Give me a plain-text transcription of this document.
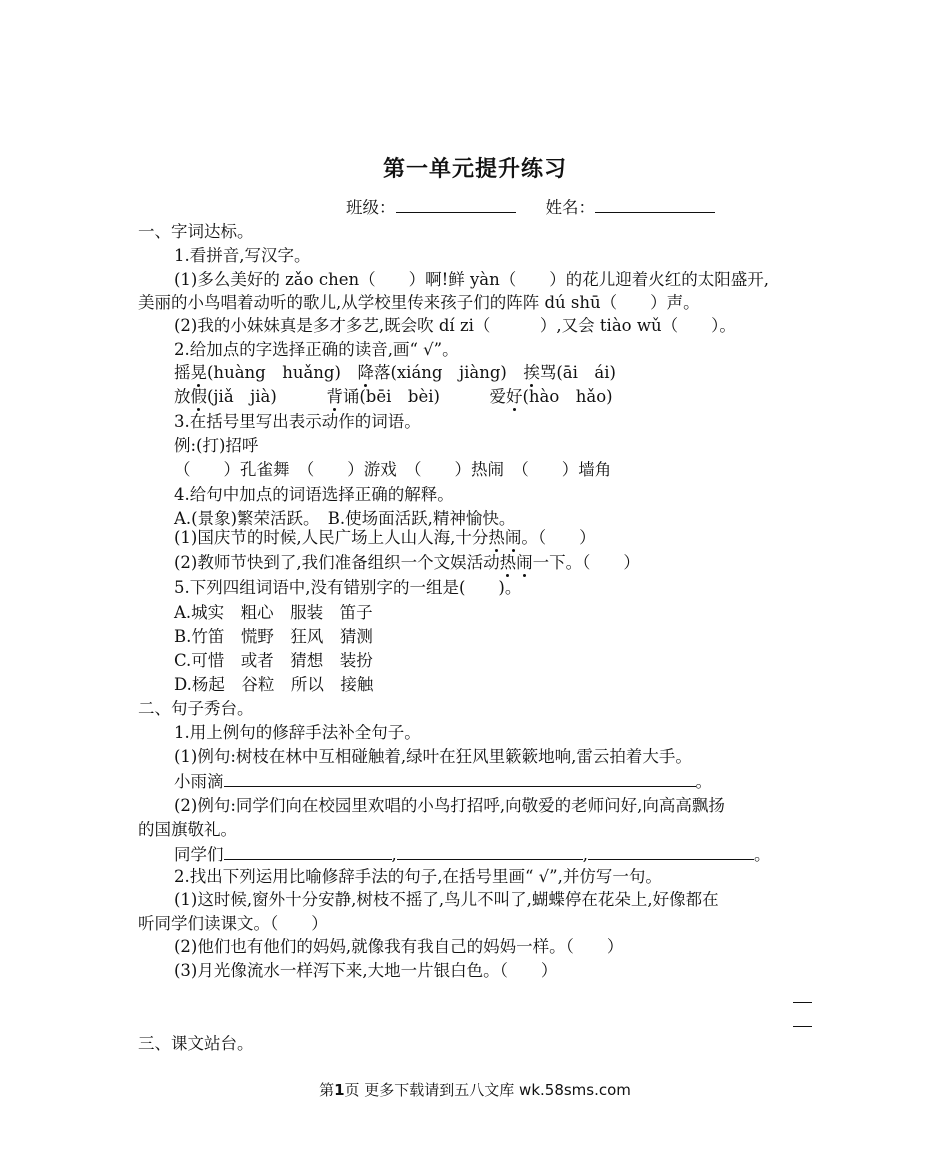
第一单元提升练习
班级：	姓名：
一、字词达标。
1.看拼音,写汉字。
(1)多么美好的 zǎo chen（　　）啊!鲜 yàn（　　）的花儿迎着火红的太阳盛开,
美丽的小鸟唱着动听的歌儿,从学校里传来孩子们的阵阵 dú shū（　　）声。
(2)我的小妹妹真是多才多艺,既会吹 dí zi（　　　）,又会 tiào wǔ（　　）。
2.给加点的字选择正确的读音,画“ √”。
摇晃(huàng　huǎng)　降落(xiáng　jiàng)　挨骂(āi　ái)
放假(jiǎ　jià)　　　背诵(bēi　bèi)　　　爱好(hào　hǎo)
3.在括号里写出表示动作的词语。
例:(打)招呼
（　　）孔雀舞　（　　）游戏　（　　）热闹　（　　）墙角
4.给句中加点的词语选择正确的解释。
A.(景象)繁荣活跃。　B.使场面活跃,精神愉快。
(1)国庆节的时候,人民广场上人山人海,十分热闹。（　　）
(2)教师节快到了,我们准备组织一个文娱活动热闹一下。（　　）
5.下列四组词语中,没有错别字的一组是(　　)。
A.城实　粗心　服装　笛子
B.竹笛　慌野　狂风　猜测
C.可惜　或者　猜想　装扮
D.杨起　谷粒　所以　接触
二、句子秀台。
1.用上例句的修辞手法补全句子。
(1)例句:树枝在林中互相碰触着,绿叶在狂风里簌簌地响,雷云拍着大手。
小雨滴	。
(2)例句:同学们向在校园里欢唱的小鸟打招呼,向敬爱的老师问好,向高高飘扬
的国旗敬礼。
同学们	,	,	。
2.找出下列运用比喻修辞手法的句子,在括号里画“ √”,并仿写一句。
(1)这时候,窗外十分安静,树枝不摇了,鸟儿不叫了,蝴蝶停在花朵上,好像都在
听同学们读课文。（　　）
(2)他们也有他们的妈妈,就像我有我自己的妈妈一样。（　　）
(3)月光像流水一样泻下来,大地一片银白色。（　　）
三、课文站台。
第1页 更多下载请到五八文库 wk.58sms.com
